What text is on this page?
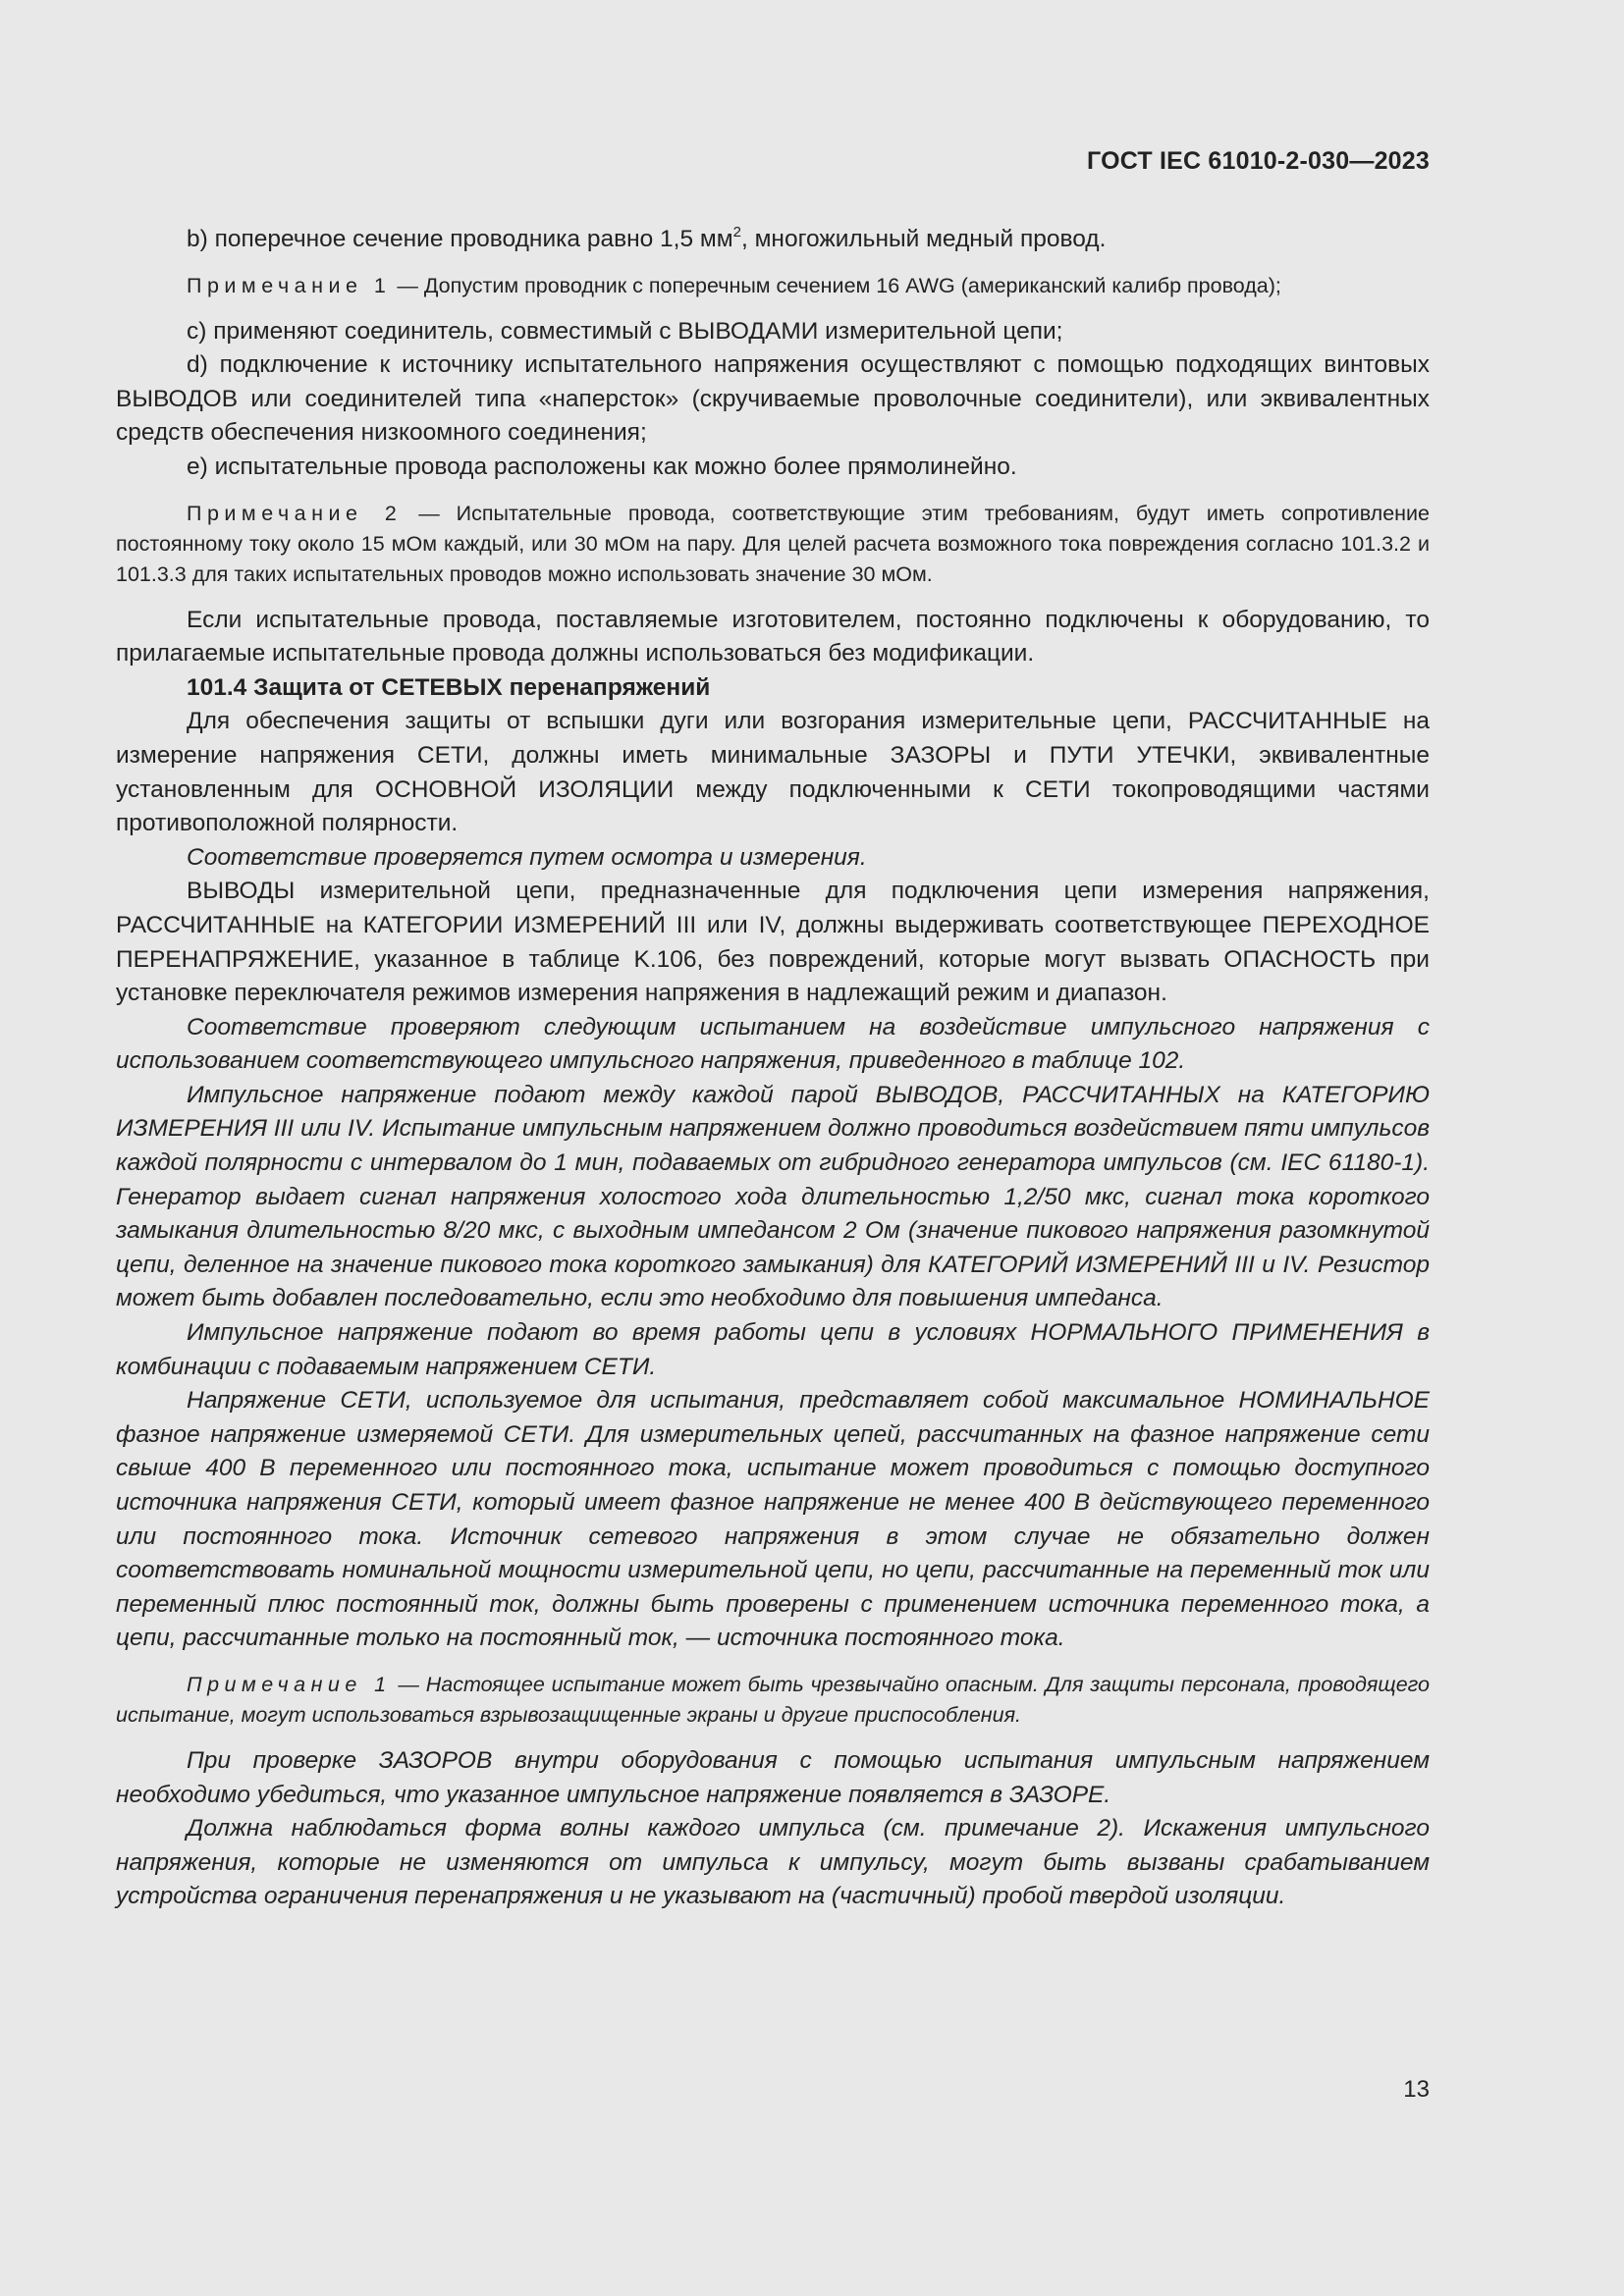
ГОСТ IEC 61010-2-030—2023

b) поперечное сечение проводника равно 1,5 $мм^2$, многожильный медный провод.

Примечание 1 — Допустим проводник с поперечным сечением 16 AWG (американский калибр провода);

c) применяют соединитель, совместимый с ВЫВОДАМИ измерительной цепи;

d) подключение к источнику испытательного напряжения осуществляют с помощью подходящих винтовых ВЫВОДОВ или соединителей типа «наперсток» (скручиваемые проволочные соединители), или эквивалентных средств обеспечения низкоомного соединения;

e) испытательные провода расположены как можно более прямолинейно.

Примечание 2 — Испытательные провода, соответствующие этим требованиям, будут иметь сопротивление постоянному току около 15 мОм каждый, или 30 мОм на пару. Для целей расчета возможного тока повреждения согласно 101.3.2 и 101.3.3 для таких испытательных проводов можно использовать значение 30 мОм.

Если испытательные провода, поставляемые изготовителем, постоянно подключены к оборудованию, то прилагаемые испытательные провода должны использоваться без модификации.

101.4 Защита от СЕТЕВЫХ перенапряжений

Для обеспечения защиты от вспышки дуги или возгорания измерительные цепи, РАССЧИТАННЫЕ на измерение напряжения СЕТИ, должны иметь минимальные ЗАЗОРЫ и ПУТИ УТЕЧКИ, эквивалентные установленным для ОСНОВНОЙ ИЗОЛЯЦИИ между подключенными к СЕТИ токопроводящими частями противоположной полярности.

Соответствие проверяется путем осмотра и измерения.

ВЫВОДЫ измерительной цепи, предназначенные для подключения цепи измерения напряжения, РАССЧИТАННЫЕ на КАТЕГОРИИ ИЗМЕРЕНИЙ III или IV, должны выдерживать соответствующее ПЕРЕХОДНОЕ ПЕРЕНАПРЯЖЕНИЕ, указанное в таблице K.106, без повреждений, которые могут вызвать ОПАСНОСТЬ при установке переключателя режимов измерения напряжения в надлежащий режим и диапазон.

Соответствие проверяют следующим испытанием на воздействие импульсного напряжения с использованием соответствующего импульсного напряжения, приведенного в таблице 102.

Импульсное напряжение подают между каждой парой ВЫВОДОВ, РАССЧИТАННЫХ на КАТЕГОРИЮ ИЗМЕРЕНИЯ III или IV. Испытание импульсным напряжением должно проводиться воздействием пяти импульсов каждой полярности с интервалом до 1 мин, подаваемых от гибридного генератора импульсов (см. IEC 61180-1). Генератор выдает сигнал напряжения холостого хода длительностью 1,2/50 мкс, сигнал тока короткого замыкания длительностью 8/20 мкс, с выходным импедансом 2 Ом (значение пикового напряжения разомкнутой цепи, деленное на значение пикового тока короткого замыкания) для КАТЕГОРИЙ ИЗМЕРЕНИЙ III и IV. Резистор может быть добавлен последовательно, если это необходимо для повышения импеданса.

Импульсное напряжение подают во время работы цепи в условиях НОРМАЛЬНОГО ПРИМЕНЕНИЯ в комбинации с подаваемым напряжением СЕТИ.

Напряжение СЕТИ, используемое для испытания, представляет собой максимальное НОМИНАЛЬНОЕ фазное напряжение измеряемой СЕТИ. Для измерительных цепей, рассчитанных на фазное напряжение сети свыше 400 В переменного или постоянного тока, испытание может проводиться с помощью доступного источника напряжения СЕТИ, который имеет фазное напряжение не менее 400 В действующего переменного или постоянного тока. Источник сетевого напряжения в этом случае не обязательно должен соответствовать номинальной мощности измерительной цепи, но цепи, рассчитанные на переменный ток или переменный плюс постоянный ток, должны быть проверены с применением источника переменного тока, а цепи, рассчитанные только на постоянный ток, — источника постоянного тока.

Примечание 1 — Настоящее испытание может быть чрезвычайно опасным. Для защиты персонала, проводящего испытание, могут использоваться взрывозащищенные экраны и другие приспособления.

При проверке ЗАЗОРОВ внутри оборудования с помощью испытания импульсным напряжением необходимо убедиться, что указанное импульсное напряжение появляется в ЗАЗОРЕ.

Должна наблюдаться форма волны каждого импульса (см. примечание 2). Искажения импульсного напряжения, которые не изменяются от импульса к импульсу, могут быть вызваны срабатыванием устройства ограничения перенапряжения и не указывают на (частичный) пробой твердой изоляции.

13
